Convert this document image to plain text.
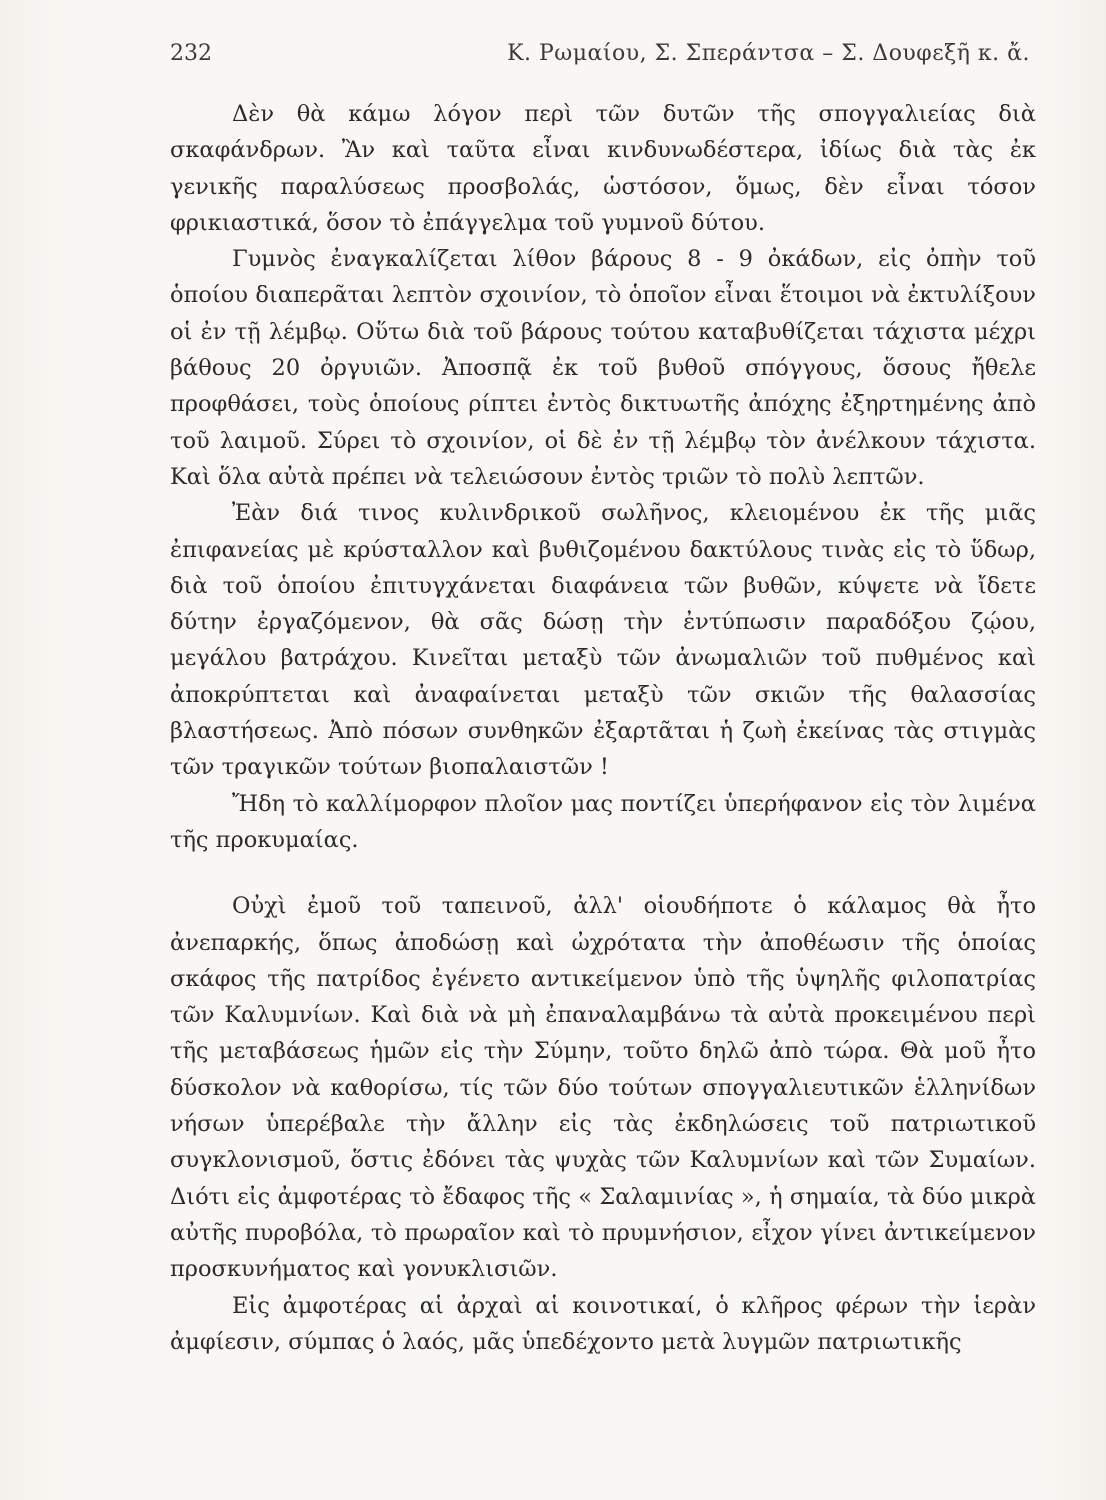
232	Κ. Ρωμαίου, Σ. Σπεράντσα – Σ. Δουφεξῆ κ. ἄ.

Δὲν θὰ κάμω λόγον περὶ τῶν δυτῶν τῆς σπογγαλιείας διὰ σκαφάνδρων. Ἂν καὶ ταῦτα εἶναι κινδυνωδέστερα, ἰδίως διὰ τὰς ἐκ γενικῆς παραλύσεως προσβολάς, ὡστόσον, ὅμως, δὲν εἶναι τόσον φρικιαστικά, ὅσον τὸ ἐπάγγελμα τοῦ γυμνοῦ δύτου.

Γυμνὸς ἐναγκαλίζεται λίθον βάρους 8 - 9 ὀκάδων, εἰς ὀπὴν τοῦ ὁποίου διαπερᾶται λεπτὸν σχοινίον, τὸ ὁποῖον εἶναι ἕτοιμοι νὰ ἐκτυλίξουν οἱ ἐν τῇ λέμβῳ. Οὕτω διὰ τοῦ βάρους τούτου καταβυθίζεται τάχιστα μέχρι βάθους 20 ὀργυιῶν. Ἀποσπᾷ ἐκ τοῦ βυθοῦ σπόγγους, ὅσους ἤθελε προφθάσει, τοὺς ὁποίους ρίπτει ἐντὸς δικτυωτῆς ἀπόχης ἐξηρτημένης ἀπὸ τοῦ λαιμοῦ. Σύρει τὸ σχοινίον, οἱ δὲ ἐν τῇ λέμβῳ τὸν ἀνέλκουν τάχιστα. Καὶ ὅλα αὐτὰ πρέπει νὰ τελειώσουν ἐντὸς τριῶν τὸ πολὺ λεπτῶν.

Ἐὰν διά τινος κυλινδρικοῦ σωλῆνος, κλειομένου ἐκ τῆς μιᾶς ἐπιφανείας μὲ κρύσταλλον καὶ βυθιζομένου δακτύλους τινὰς εἰς τὸ ὕδωρ, διὰ τοῦ ὁποίου ἐπιτυγχάνεται διαφάνεια τῶν βυθῶν, κύψετε νὰ ἴδετε δύτην ἐργαζόμενον, θὰ σᾶς δώσῃ τὴν ἐντύπωσιν παραδόξου ζῴου, μεγάλου βατράχου. Κινεῖται μεταξὺ τῶν ἀνωμαλιῶν τοῦ πυθμένος καὶ ἀποκρύπτεται καὶ ἀναφαίνεται μεταξὺ τῶν σκιῶν τῆς θαλασσίας βλαστήσεως. Ἀπὸ πόσων συνθηκῶν ἐξαρτᾶται ἡ ζωὴ ἐκείνας τὰς στιγμὰς τῶν τραγικῶν τούτων βιοπαλαιστῶν !

Ἤδη τὸ καλλίμορφον πλοῖον μας ποντίζει ὑπερήφανον εἰς τὸν λιμένα τῆς προκυμαίας.

Οὐχὶ ἐμοῦ τοῦ ταπεινοῦ, ἀλλ' οἱουδήποτε ὁ κάλαμος θὰ ἦτο ἀνεπαρκής, ὅπως ἀποδώσῃ καὶ ὠχρότατα τὴν ἀποθέωσιν τῆς ὁποίας σκάφος τῆς πατρίδος ἐγένετο αντικείμενον ὑπὸ τῆς ὑψηλῆς φιλοπατρίας τῶν Καλυμνίων. Καὶ διὰ νὰ μὴ ἐπαναλαμβάνω τὰ αὐτὰ προκειμένου περὶ τῆς μεταβάσεως ἡμῶν εἰς τὴν Σύμην, τοῦτο δηλῶ ἀπὸ τώρα. Θὰ μοῦ ἦτο δύσκολον νὰ καθορίσω, τίς τῶν δύο τούτων σπογγαλιευτικῶν ἑλληνίδων νήσων ὑπερέβαλε τὴν ἄλλην εἰς τὰς ἐκδηλώσεις τοῦ πατριωτικοῦ συγκλονισμοῦ, ὅστις ἐδόνει τὰς ψυχὰς τῶν Καλυμνίων καὶ τῶν Συμαίων. Διότι εἰς ἀμφοτέρας τὸ ἔδαφος τῆς « Σαλαμινίας », ἡ σημαία, τὰ δύο μικρὰ αὐτῆς πυροβόλα, τὸ πρωραῖον καὶ τὸ πρυμνήσιον, εἶχον γίνει ἀντικείμενον προσκυνήματος καὶ γονυκλισιῶν.

Εἰς ἀμφοτέρας αἱ ἀρχαὶ αἱ κοινοτικαί, ὁ κλῆρος φέρων τὴν ἱερὰν ἀμφίεσιν, σύμπας ὁ λαός, μᾶς ὑπεδέχοντο μετὰ λυγμῶν πατριωτικῆς
